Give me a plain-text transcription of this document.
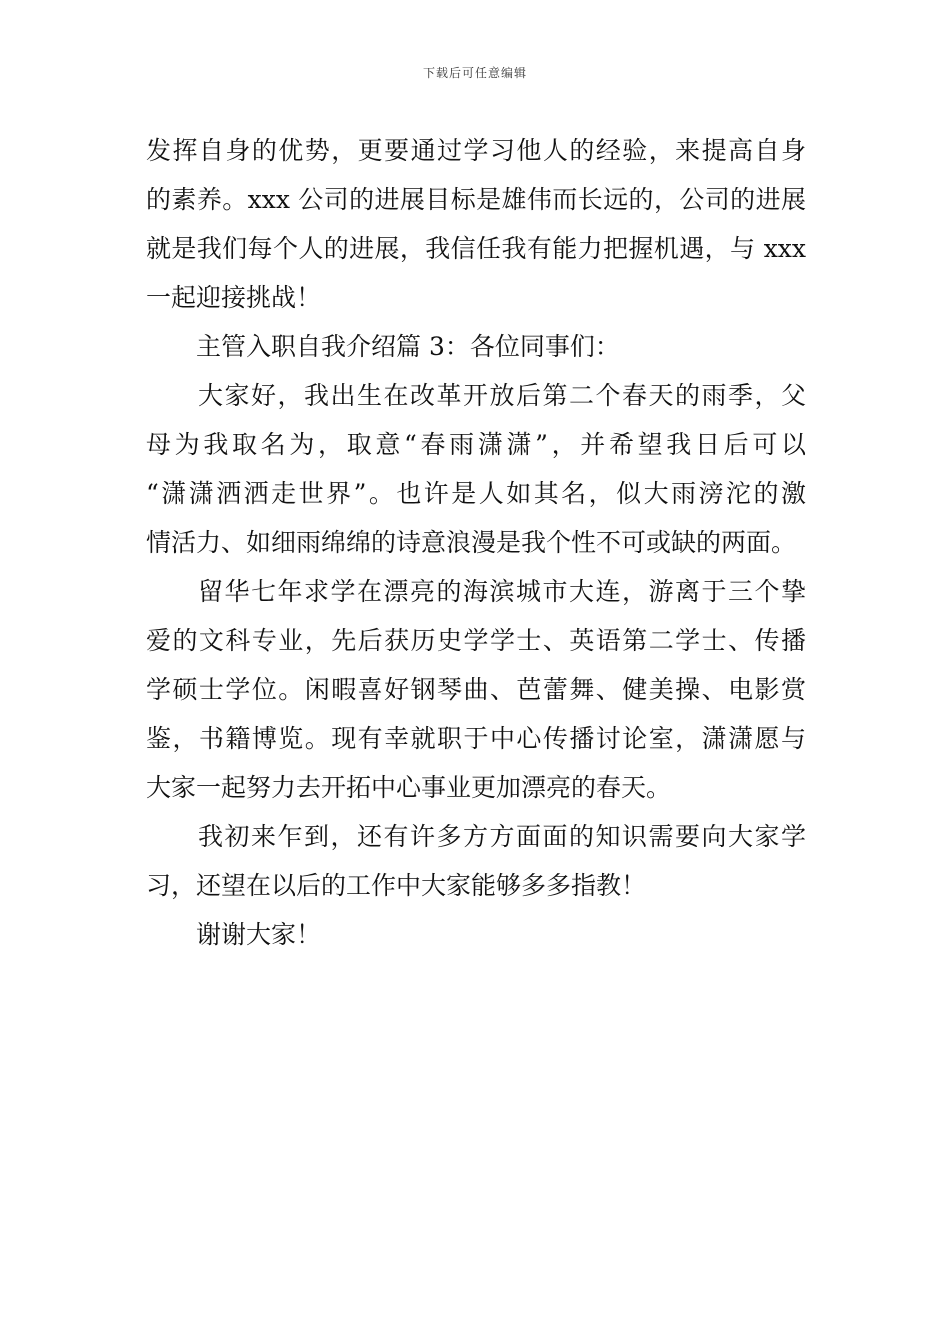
下载后可任意编辑
发挥自身的优势，更要通过学习他人的经验，来提高自身
的素养。xxx 公司的进展目标是雄伟而长远的，公司的进展
就是我们每个人的进展，我信任我有能力把握机遇，与 xxx
一起迎接挑战！
主管入职自我介绍篇 3：各位同事们：
大家好，我出生在改革开放后第二个春天的雨季，父
母为我取名为，取意“春雨潇潇”，并希望我日后可以
“潇潇洒洒走世界”。也许是人如其名，似大雨滂沱的激
情活力、如细雨绵绵的诗意浪漫是我个性不可或缺的两面。
留华七年求学在漂亮的海滨城市大连，游离于三个挚
爱的文科专业，先后获历史学学士、英语第二学士、传播
学硕士学位。闲暇喜好钢琴曲、芭蕾舞、健美操、电影赏
鉴，书籍博览。现有幸就职于中心传播讨论室，潇潇愿与
大家一起努力去开拓中心事业更加漂亮的春天。
我初来乍到，还有许多方方面面的知识需要向大家学
习，还望在以后的工作中大家能够多多指教！
谢谢大家！
